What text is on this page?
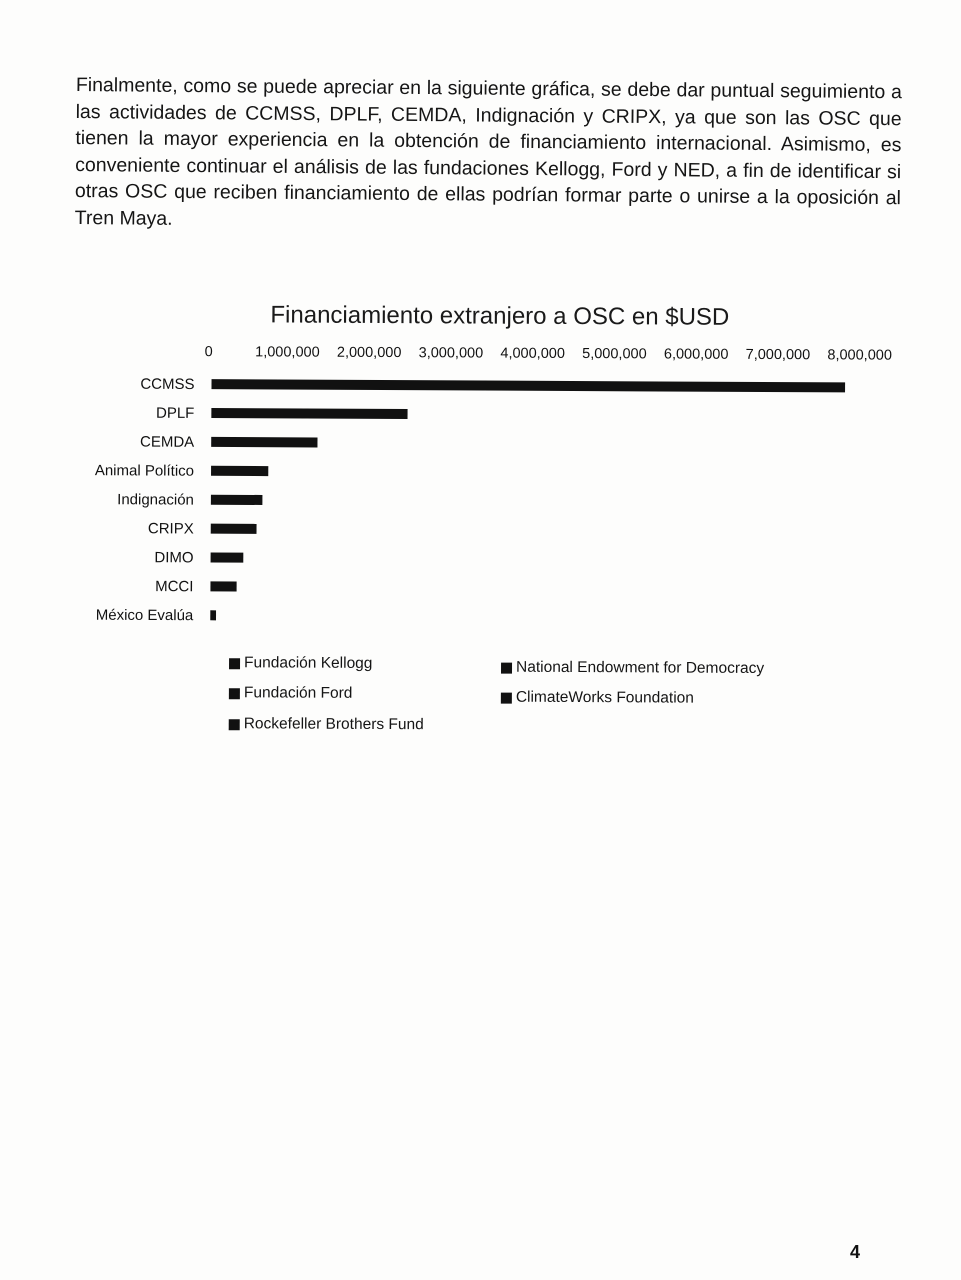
Finalmente, como se puede apreciar en la siguiente gráfica, se debe dar puntual seguimiento a las actividades de CCMSS, DPLF, CEMDA, Indignación y CRIPX, ya que son las OSC que tienen la mayor experiencia en la obtención de financiamiento internacional. Asimismo, es conveniente continuar el análisis de las fundaciones Kellogg, Ford y NED, a fin de identificar si otras OSC que reciben financiamiento de ellas podrían formar parte o unirse a la oposición al Tren Maya.
Financiamiento extranjero a OSC en $USD
0	1,000,000 2,000,000 3,000,000 4,000,000 5,000,000 6,000,000 7,000,000 8,000,000
CCMSS
DPLF
CEMDA
Animal Político
Indignación
CRIPX
DIMO
MCCI
México Evalúa
Fundación Kellogg
Fundación Ford
Rockefeller Brothers Fund
National Endowment for Democracy
ClimateWorks Foundation
4
